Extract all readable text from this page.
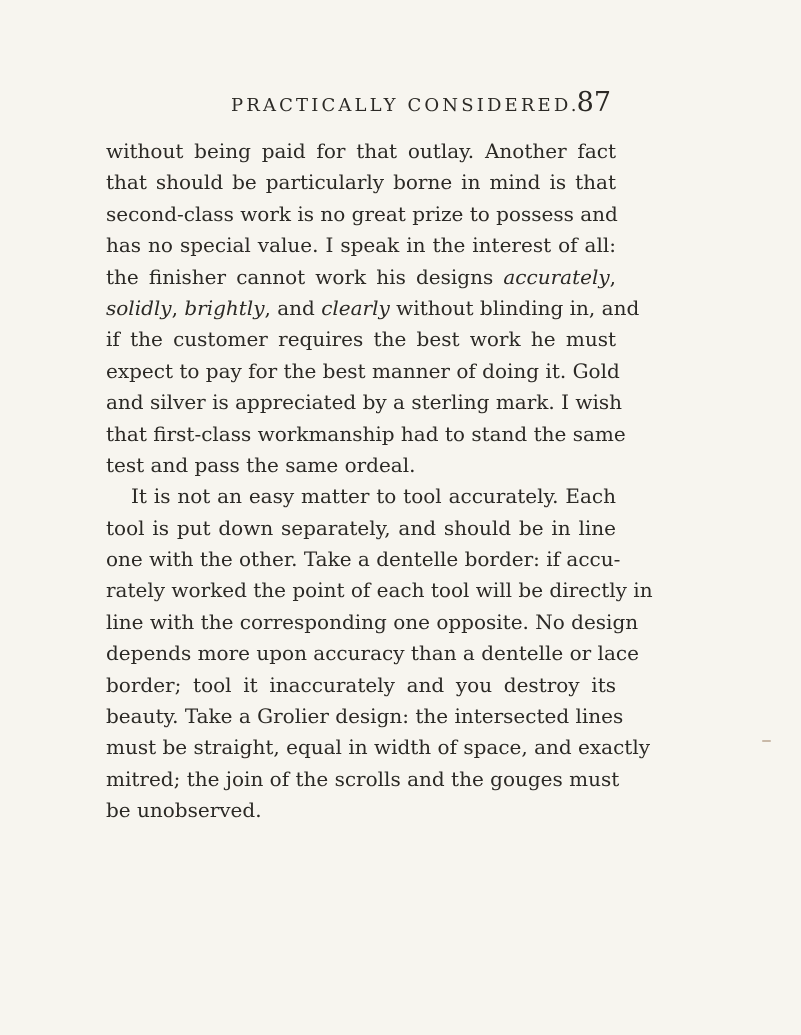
PRACTICALLY CONSIDERED.
87
without being paid for that outlay. Another fact
that should be particularly borne in mind is that
second-class work is no great prize to possess and
has no special value. I speak in the interest of all:
the finisher cannot work his designs accurately,
solidly, brightly, and clearly without blinding in, and
if the customer requires the best work he must
expect to pay for the best manner of doing it. Gold
and silver is appreciated by a sterling mark. I wish
that first-class workmanship had to stand the same
test and pass the same ordeal.
It is not an easy matter to tool accurately. Each
tool is put down separately, and should be in line
one with the other. Take a dentelle border: if accu-
rately worked the point of each tool will be directly in
line with the corresponding one opposite. No design
depends more upon accuracy than a dentelle or lace
border; tool it inaccurately and you destroy its
beauty. Take a Grolier design: the intersected lines
must be straight, equal in width of space, and exactly
mitred; the join of the scrolls and the gouges must
be unobserved.
